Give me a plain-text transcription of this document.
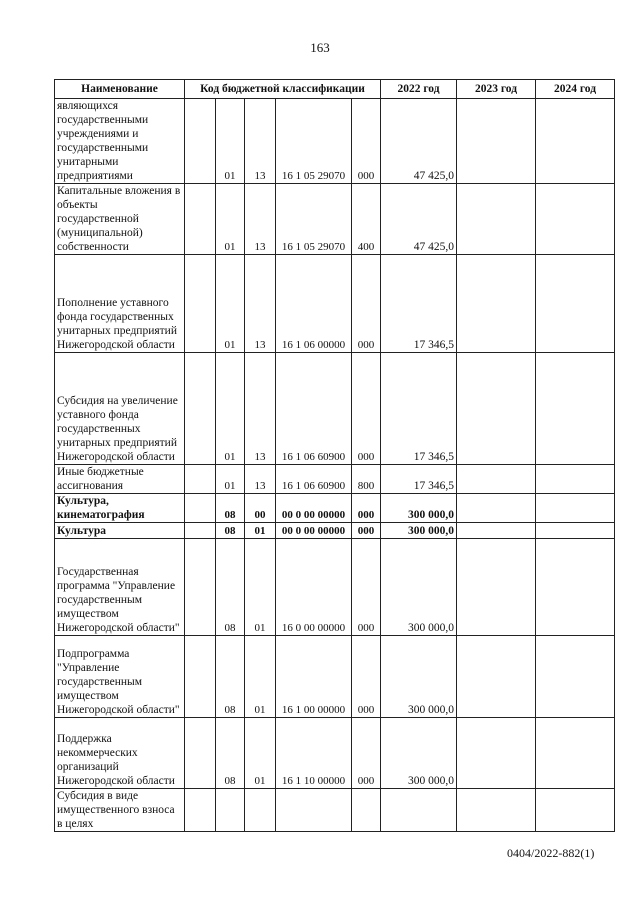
163
Наименование	Код бюджетной классификации					2022 год	2023 год	2024 год
являющихся государственными учреждениями и государственными унитарными предприятиями		01	13	16 1 05 29070	000	47 425,0		
Капитальные вложения в объекты государственной (муниципальной) собственности		01	13	16 1 05 29070	400	47 425,0		
Пополнение уставного фонда государственных унитарных предприятий Нижегородской области		01	13	16 1 06 00000	000	17 346,5		
Субсидия на увеличение уставного фонда государственных унитарных предприятий Нижегородской области		01	13	16 1 06 60900	000	17 346,5		
Иные бюджетные ассигнования		01	13	16 1 06 60900	800	17 346,5		
Культура, кинематография		08	00	00 0 00 00000	000	300 000,0		
Культура		08	01	00 0 00 00000	000	300 000,0		
Государственная программа "Управление государственным имуществом Нижегородской области"		08	01	16 0 00 00000	000	300 000,0		
Подпрограмма "Управление государственным имуществом Нижегородской области"		08	01	16 1 00 00000	000	300 000,0		
Поддержка некоммерческих организаций Нижегородской области		08	01	16 1 10 00000	000	300 000,0		
Субсидия в виде имущественного взноса в целях								
0404/2022-882(1)
